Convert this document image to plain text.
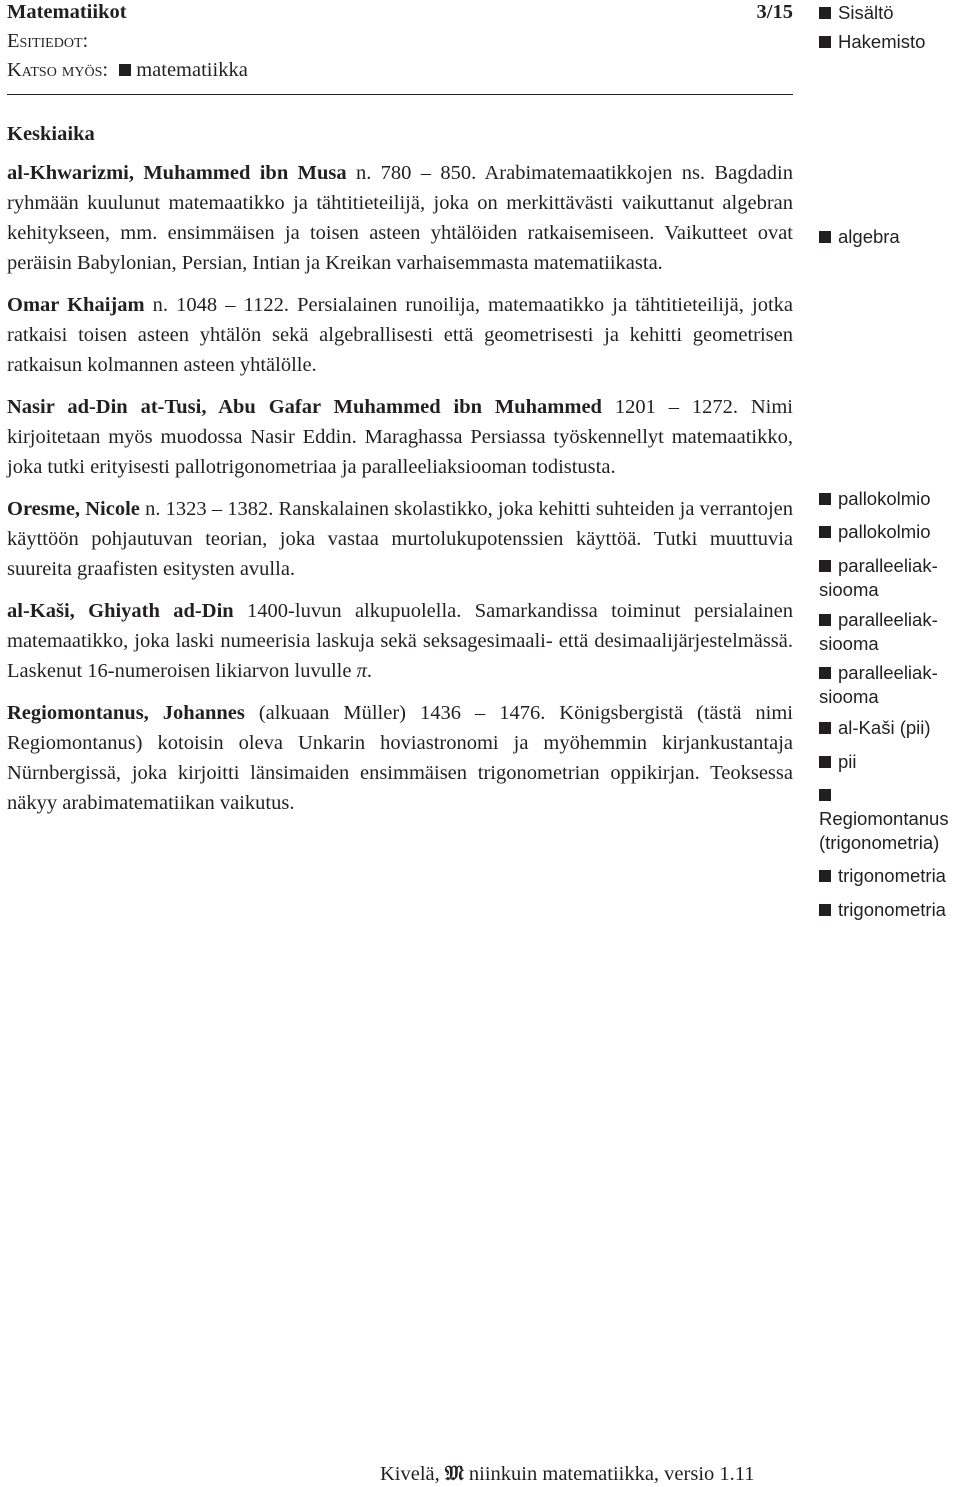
Matematiikot	3/15
Esitiedot:
Katso myös: matematiikka
Keskiaika
al-Khwarizmi, Muhammed ibn Musa n. 780 – 850. Arabimatemaatikkojen ns. Bagdadin ryhmään kuulunut matemaatikko ja tähtitieteilijä, joka on merkittävästi vaikuttanut algebran kehitykseen, mm. ensimmäisen ja toisen asteen yhtälöiden ratkaisemiseen. Vaikutteet ovat peräisin Babylonian, Persian, Intian ja Kreikan varhaisemmasta matematiikasta.
Omar Khaijam n. 1048 – 1122. Persialainen runoilija, matemaatikko ja tähtitieteilijä, jotka ratkaisi toisen asteen yhtälön sekä algebrallisesti että geometrisesti ja kehitti geometrisen ratkaisun kolmannen asteen yhtälölle.
Nasir ad-Din at-Tusi, Abu Gafar Muhammed ibn Muhammed 1201 – 1272. Nimi kirjoitetaan myös muodossa Nasir Eddin. Maraghassa Persiassa työskennellyt matemaatikko, joka tutki erityisesti pallotrigonometriaa ja paralleeliaksiooman todistusta.
Oresme, Nicole n. 1323 – 1382. Ranskalainen skolastikko, joka kehitti suhteiden ja verrantojen käyttöön pohjautuvan teorian, joka vastaa murtolukupotenssien käyttöä. Tutki muuttuvia suureita graafisten esitysten avulla.
al-Kaši, Ghiyath ad-Din 1400-luvun alkupuolella. Samarkandissa toiminut persialainen matemaatikko, joka laski numeerisia laskuja sekä seksagesimaali- että desimaalijärjestelmässä. Laskenut 16-numeroisen likiarvon luvulle π.
Regiomontanus, Johannes (alkuaan Müller) 1436 – 1476. Königsbergistä (tästä nimi Regiomontanus) kotoisin oleva Unkarin hoviastronomi ja myöhemmin kirjankustantaja Nürnbergissä, joka kirjoitti länsimaiden ensimmäisen trigonometrian oppikirjan. Teoksessa näkyy arabimatematiikan vaikutus.
Sisältö
Hakemisto
algebra
pallokolmio
pallokolmio
paralleeliak-
siooma
paralleeliak-
siooma
paralleeliak-
siooma
al-Kaši (pii)
pii

Regiomontanus
(trigonometria)
trigonometria
trigonometria
Kivelä, 𝔐 niinkuin matematiikka, versio 1.11
